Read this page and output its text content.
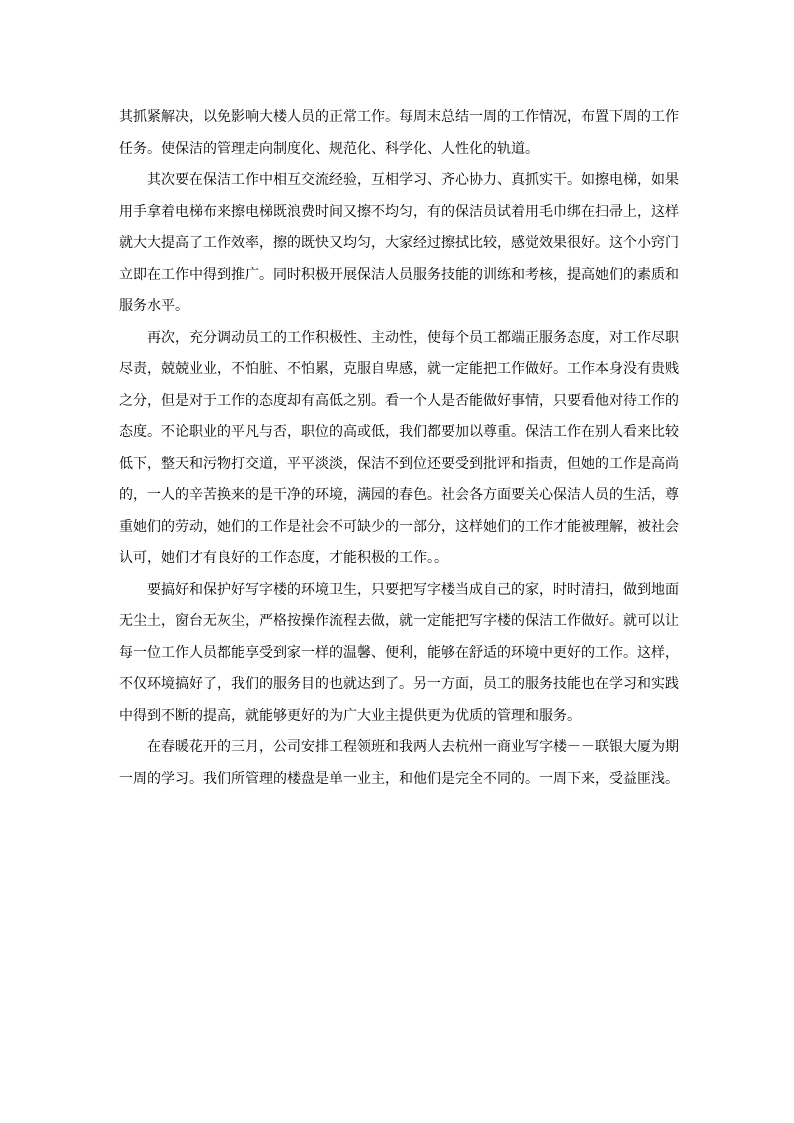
其抓紧解决，以免影响大楼人员的正常工作。每周末总结一周的工作情况，布置下周的工作任务。使保洁的管理走向制度化、规范化、科学化、人性化的轨道。

其次要在保洁工作中相互交流经验，互相学习、齐心协力、真抓实干。如擦电梯，如果用手拿着电梯布来擦电梯既浪费时间又擦不均匀，有的保洁员试着用毛巾绑在扫帚上，这样就大大提高了工作效率，擦的既快又均匀，大家经过擦拭比较，感觉效果很好。这个小窍门立即在工作中得到推广。同时积极开展保洁人员服务技能的训练和考核，提高她们的素质和服务水平。

再次，充分调动员工的工作积极性、主动性，使每个员工都端正服务态度，对工作尽职尽责，兢兢业业，不怕脏、不怕累，克服自卑感，就一定能把工作做好。工作本身没有贵贱之分，但是对于工作的态度却有高低之别。看一个人是否能做好事情，只要看他对待工作的态度。不论职业的平凡与否，职位的高或低，我们都要加以尊重。保洁工作在别人看来比较低下，整天和污物打交道，平平淡淡，保洁不到位还要受到批评和指责，但她的工作是高尚的，一人的辛苦换来的是干净的环境，满园的春色。社会各方面要关心保洁人员的生活，尊重她们的劳动，她们的工作是社会不可缺少的一部分，这样她们的工作才能被理解，被社会认可，她们才有良好的工作态度，才能积极的工作。。

要搞好和保护好写字楼的环境卫生，只要把写字楼当成自己的家，时时清扫，做到地面无尘土，窗台无灰尘，严格按操作流程去做，就一定能把写字楼的保洁工作做好。就可以让每一位工作人员都能享受到家一样的温馨、便利，能够在舒适的环境中更好的工作。这样，不仅环境搞好了，我们的服务目的也就达到了。另一方面，员工的服务技能也在学习和实践中得到不断的提高，就能够更好的为广大业主提供更为优质的管理和服务。

在春暖花开的三月，公司安排工程领班和我两人去杭州一商业写字楼－－联银大厦为期一周的学习。我们所管理的楼盘是单一业主，和他们是完全不同的。一周下来，受益匪浅。
